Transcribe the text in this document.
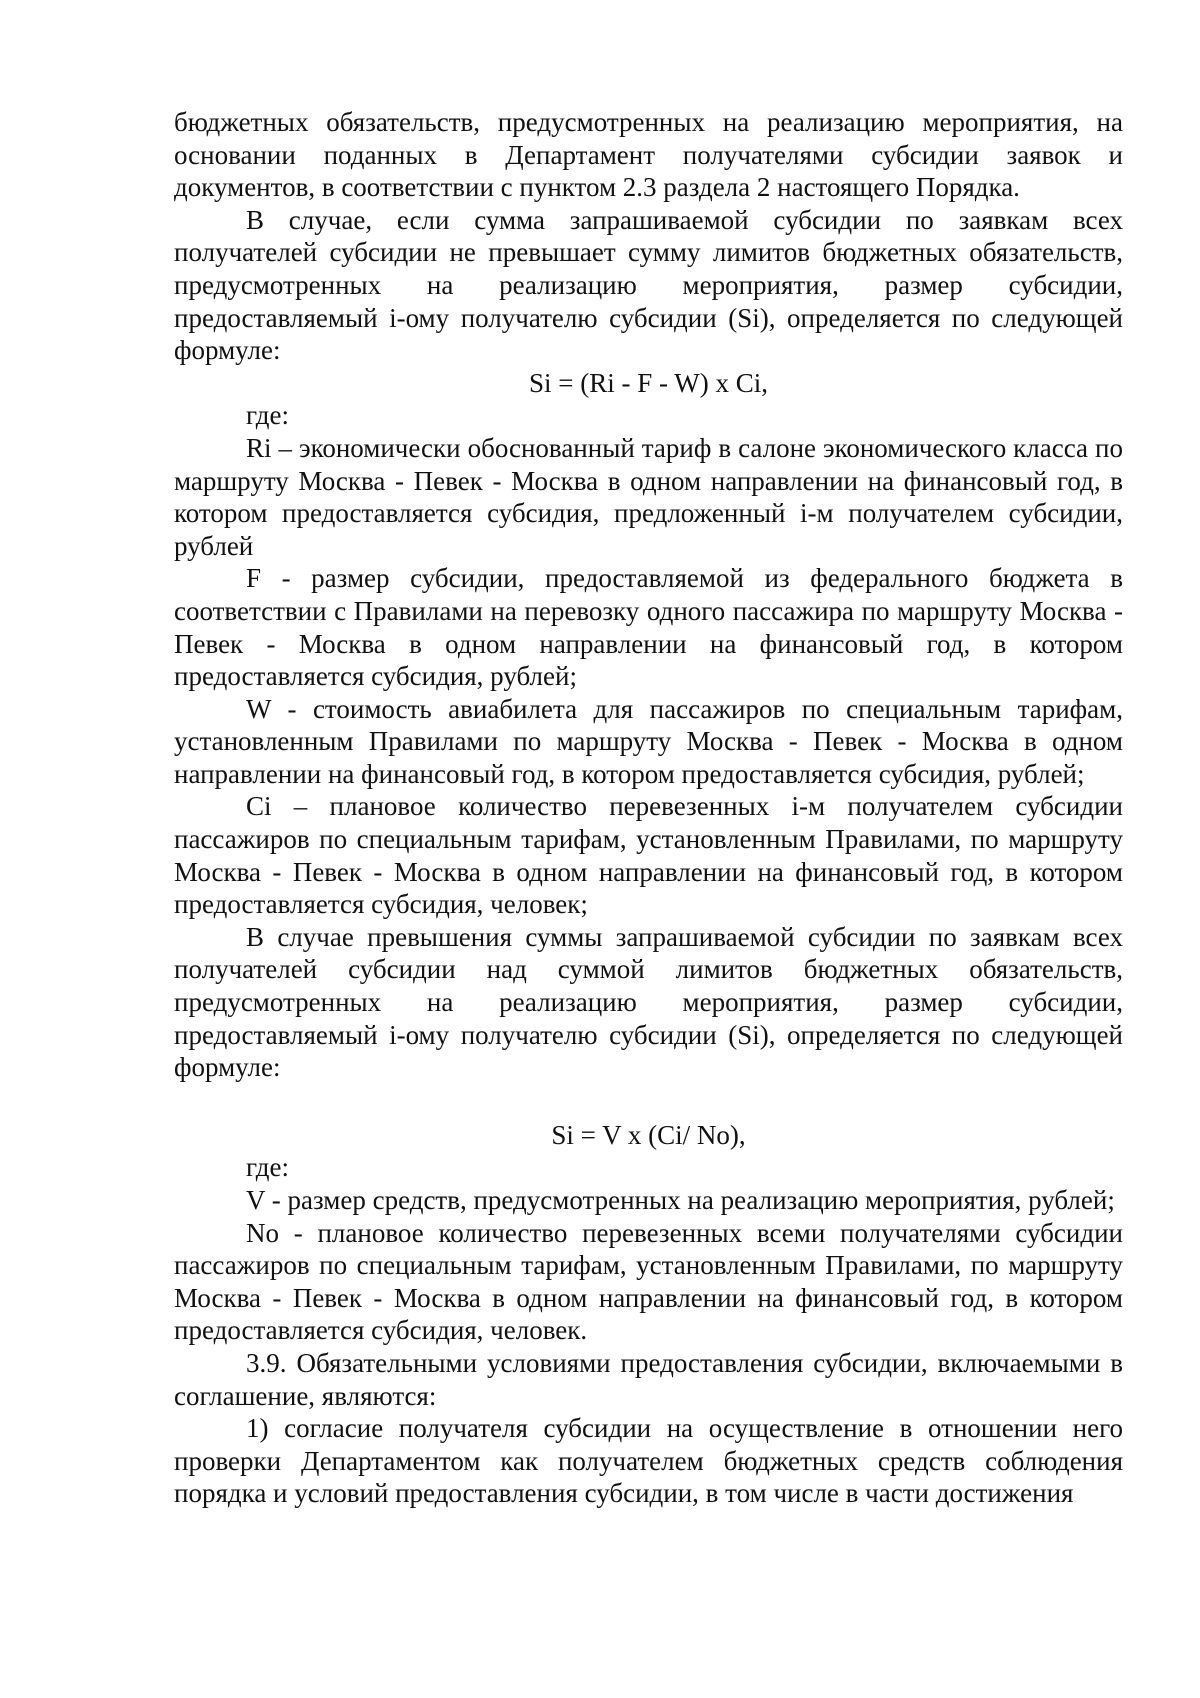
бюджетных обязательств, предусмотренных на реализацию мероприятия, на основании поданных в Департамент получателями субсидии заявок и документов, в соответствии с пунктом 2.3 раздела 2 настоящего Порядка.

В случае, если сумма запрашиваемой субсидии по заявкам всех получателей субсидии не превышает сумму лимитов бюджетных обязательств, предусмотренных на реализацию мероприятия, размер субсидии, предоставляемый i-ому получателю субсидии (Si), определяется по следующей формуле:

Si = (Ri - F - W) x Ci,

где:

Ri – экономически обоснованный тариф в салоне экономического класса по маршруту Москва - Певек - Москва в одном направлении на финансовый год, в котором предоставляется субсидия, предложенный i-м получателем субсидии, рублей

F - размер субсидии, предоставляемой из федерального бюджета в соответствии с Правилами на перевозку одного пассажира по маршруту Москва - Певек - Москва в одном направлении на финансовый год, в котором предоставляется субсидия, рублей;

W - стоимость авиабилета для пассажиров по специальным тарифам, установленным Правилами по маршруту Москва - Певек - Москва в одном направлении на финансовый год, в котором предоставляется субсидия, рублей;

Ci – плановое количество перевезенных i-м получателем субсидии пассажиров по специальным тарифам, установленным Правилами, по маршруту Москва - Певек - Москва в одном направлении на финансовый год, в котором предоставляется субсидия, человек;

В случае превышения суммы запрашиваемой субсидии по заявкам всех получателей субсидии над суммой лимитов бюджетных обязательств, предусмотренных на реализацию мероприятия, размер субсидии, предоставляемый i-ому получателю субсидии (Si), определяется по следующей формуле:

Si = V x (Ci/ No),

где:

V - размер средств, предусмотренных на реализацию мероприятия, рублей;

No - плановое количество перевезенных всеми получателями субсидии пассажиров по специальным тарифам, установленным Правилами, по маршруту Москва - Певек - Москва в одном направлении на финансовый год, в котором предоставляется субсидия, человек.

3.9. Обязательными условиями предоставления субсидии, включаемыми в соглашение, являются:

1) согласие получателя субсидии на осуществление в отношении него проверки Департаментом как получателем бюджетных средств соблюдения порядка и условий предоставления субсидии, в том числе в части достижения
